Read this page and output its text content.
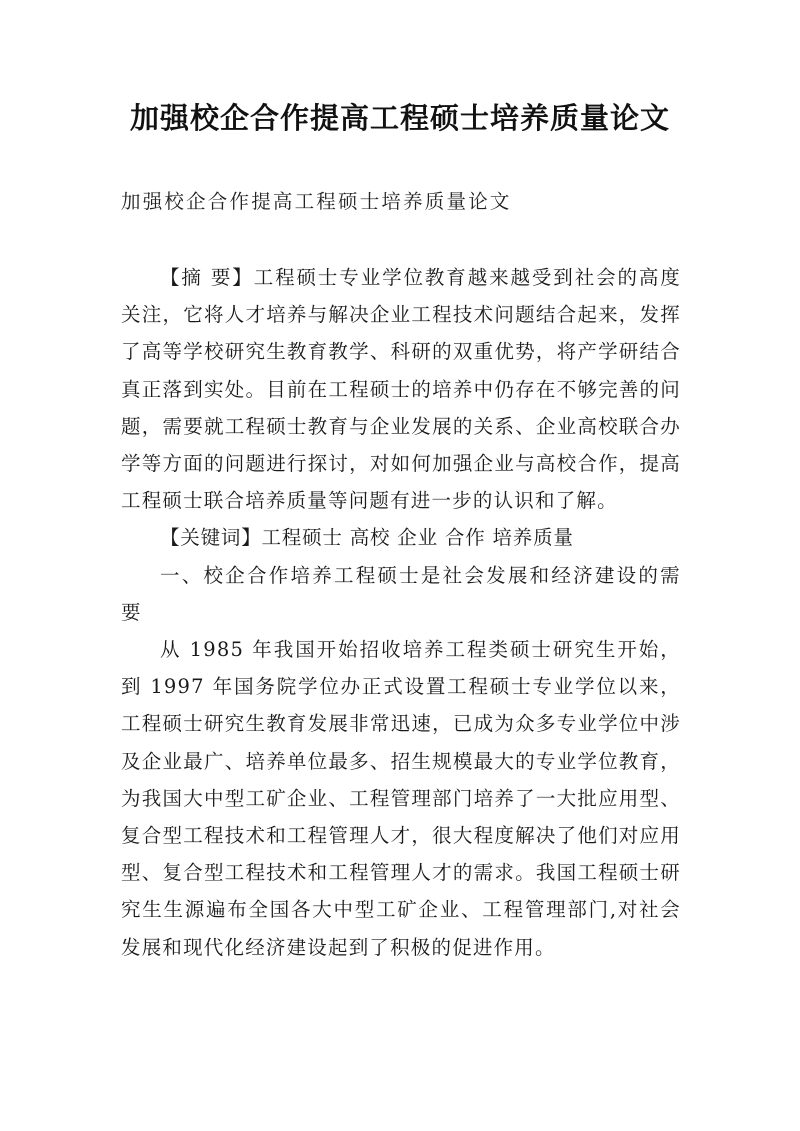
加强校企合作提高工程硕士培养质量论文
加强校企合作提高工程硕士培养质量论文

【摘 要】工程硕士专业学位教育越来越受到社会的高度关注，它将人才培养与解决企业工程技术问题结合起来，发挥了高等学校研究生教育教学、科研的双重优势，将产学研结合真正落到实处。目前在工程硕士的培养中仍存在不够完善的问题，需要就工程硕士教育与企业发展的关系、企业高校联合办学等方面的问题进行探讨，对如何加强企业与高校合作，提高工程硕士联合培养质量等问题有进一步的认识和了解。

【关键词】工程硕士 高校 企业 合作 培养质量

一、校企合作培养工程硕士是社会发展和经济建设的需要

从 1985 年我国开始招收培养工程类硕士研究生开始，到 1997 年国务院学位办正式设置工程硕士专业学位以来，工程硕士研究生教育发展非常迅速，已成为众多专业学位中涉及企业最广、培养单位最多、招生规模最大的专业学位教育，为我国大中型工矿企业、工程管理部门培养了一大批应用型、复合型工程技术和工程管理人才，很大程度解决了他们对应用型、复合型工程技术和工程管理人才的需求。我国工程硕士研究生生源遍布全国各大中型工矿企业、工程管理部门,对社会发展和现代化经济建设起到了积极的促进作用。
